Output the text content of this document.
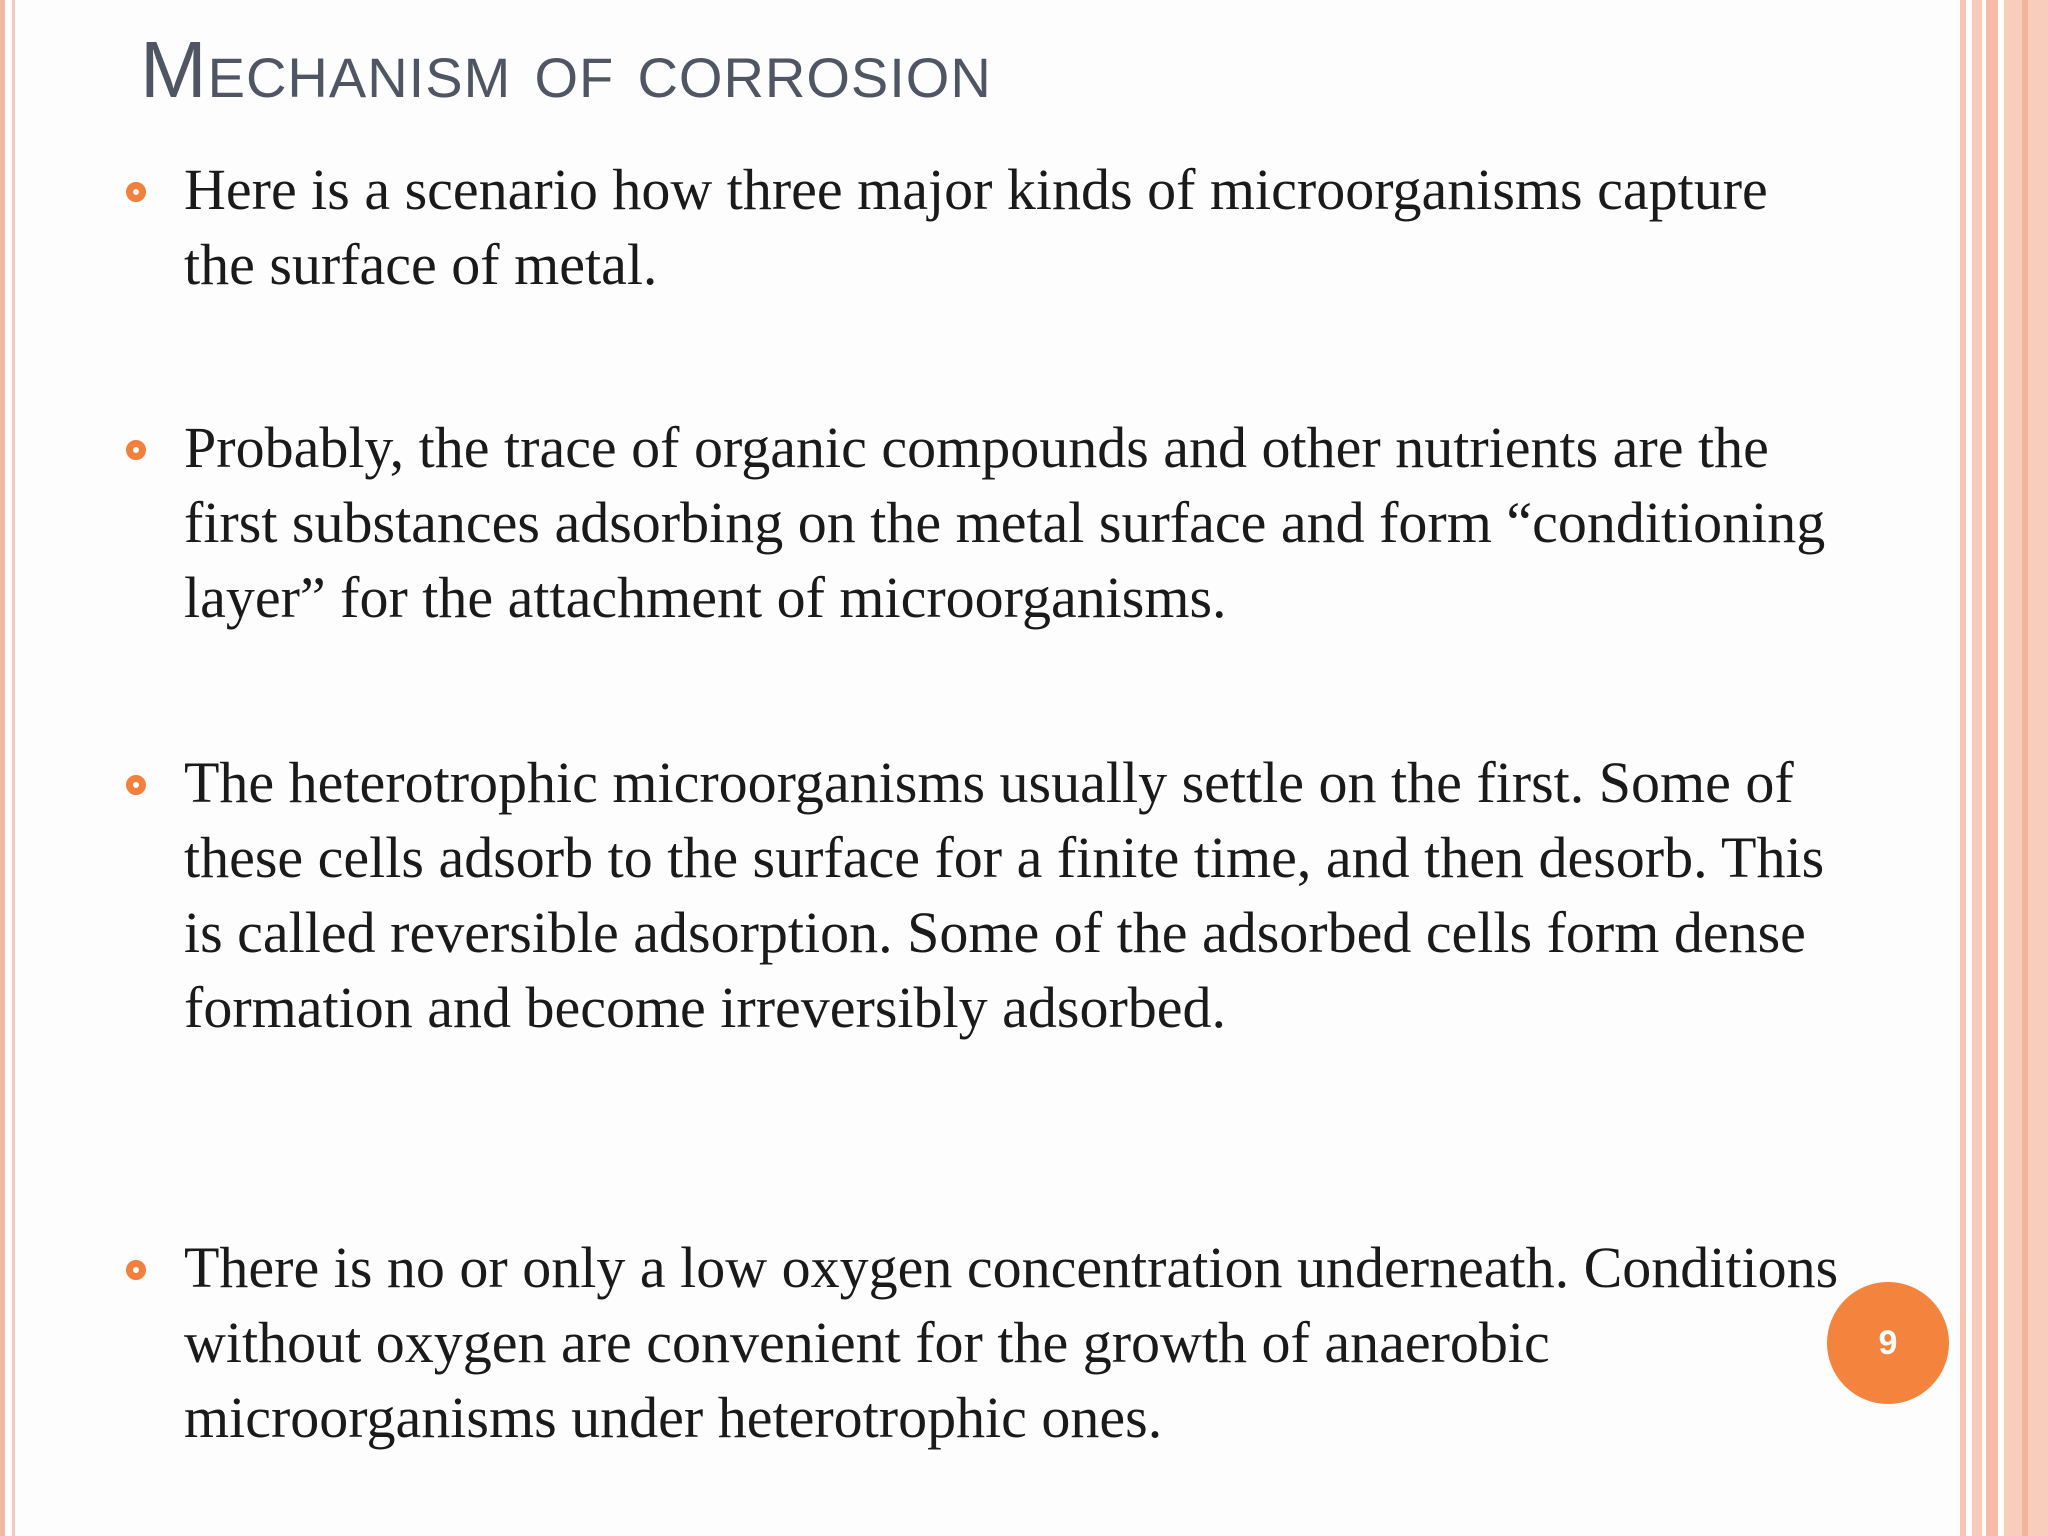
Mechanism of corrosion
Here is a scenario how three major kinds of microorganisms capture the surface of metal.
Probably, the trace of organic compounds and other nutrients are the first substances adsorbing on the metal surface and form “conditioning layer” for the attachment of microorganisms.
The heterotrophic microorganisms usually settle on the first. Some of these cells adsorb to the surface for a finite time, and then desorb. This is called reversible adsorption. Some of the adsorbed cells form dense formation and become irreversibly adsorbed.
There is no or only a low oxygen concentration underneath. Conditions without oxygen are convenient for the growth of anaerobic microorganisms under heterotrophic ones.
9
